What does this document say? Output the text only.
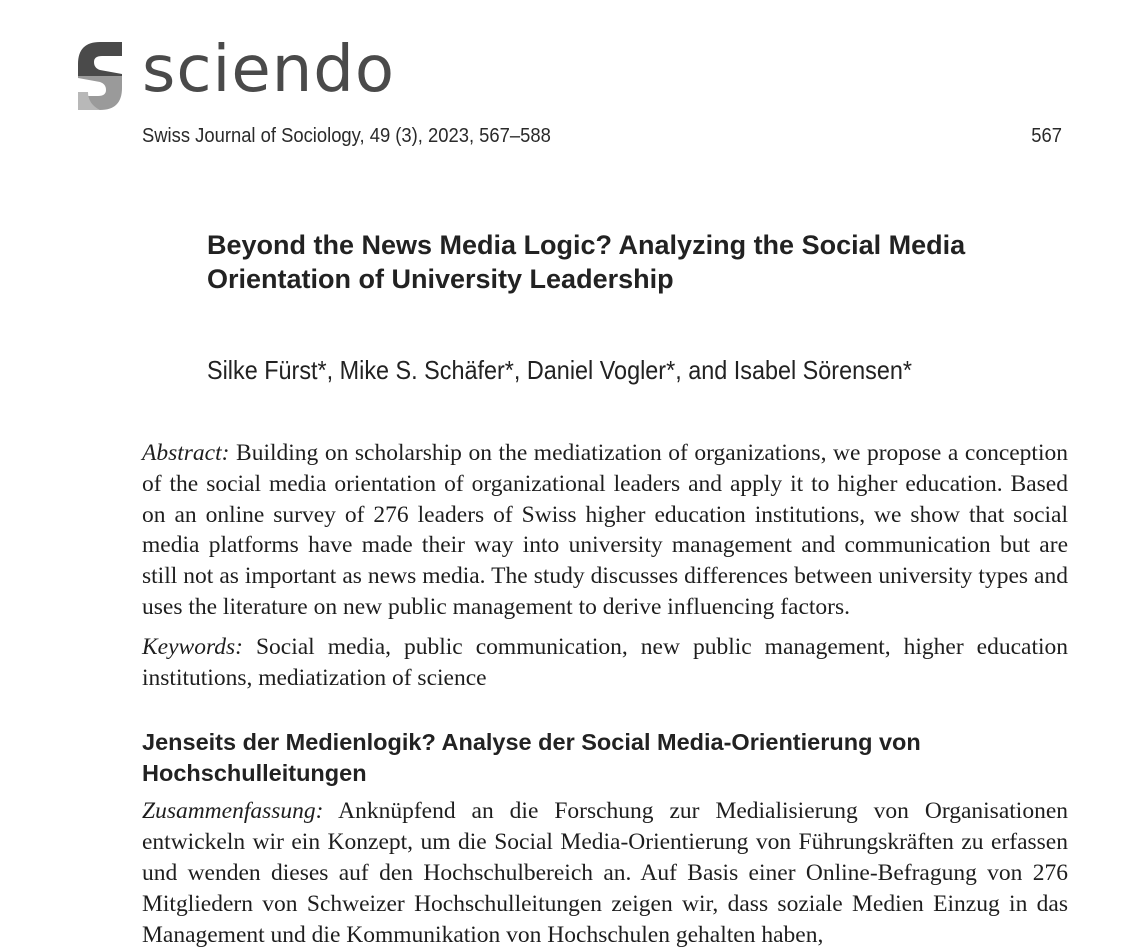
sciendo
Swiss Journal of Sociology, 49 (3), 2023, 567–588	567
Beyond the News Media Logic? Analyzing the Social Media Orientation of University Leadership
Silke Fürst*, Mike S. Schäfer*, Daniel Vogler*, and Isabel Sörensen*

Abstract: Building on scholarship on the mediatization of organizations, we propose a conception of the social media orientation of organizational leaders and apply it to higher education. Based on an online survey of 276 leaders of Swiss higher education institutions, we show that social media platforms have made their way into university management and communication but are still not as important as news media. The study discusses differences between university types and uses the literature on new public management to derive influencing factors.

Keywords: Social media, public communication, new public management, higher education institutions, mediatization of science

Jenseits der Medienlogik? Analyse der Social Media-Orientierung von Hochschulleitungen

Zusammenfassung: Anknüpfend an die Forschung zur Medialisierung von Organisationen entwickeln wir ein Konzept, um die Social Media-Orientierung von Führungskräften zu erfassen und wenden dieses auf den Hochschulbereich an. Auf Basis einer Online-Befragung von 276 Mitgliedern von Schweizer Hochschulleitungen zeigen wir, dass soziale Medien Einzug in das Management und die Kommunikation von Hochschulen gehalten haben,
